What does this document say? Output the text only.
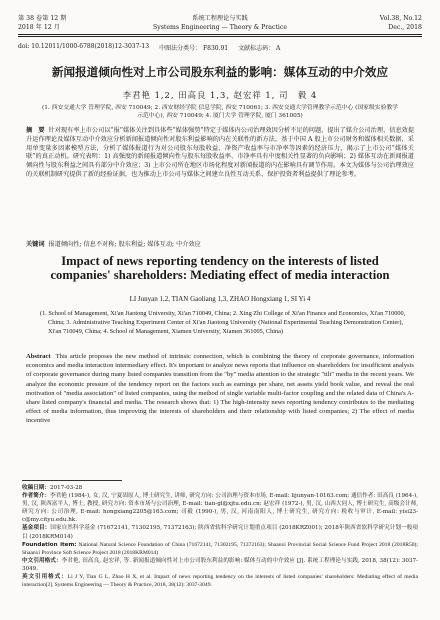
第 38 卷第 12 期	系统工程理论与实践	Vol.38, No.12
2018 年 12 月	Systems Engineering — Theory & Practice	Dec., 2018
doi: 10.12011/1000-6788(2018)12-3037-13 中图法分类号： F830.91 文献标志码： A
新闻报道倾向性对上市公司股东利益的影响：媒体互动的中介效应
李君艳 1,2, 田高良 1,3, 赵宏祥 1, 司　毅 4
(1. 西安交通大学 管理学院, 西安 710049; 2. 西安财经学院 信息学院, 西安 710061; 3. 西安交通大学管理教学示范中心 (国家级实验教学示范中心), 西安 710049; 4. 厦门大学 管理学院, 厦门 361005)
摘　要 针对现有率上市公司以“报”媒体关注到具体些“媒体强势”特定于媒体内公司治理效因分析不足的问题，提出了媒介公司治理、信息效提升运作理论及媒体互动中介效应分析新闻报道倾向性对股东利益影响的内在关联性的新方法。基于中国 A 股上市公司财务和媒体相关数据，采用单变量多因素模型方法，分析了媒体报道行为对公司股东每股收益、净资产收益率与市净率等因素的经济压力，揭示了上市公司“媒体关联”的真正动机。研究表明：1) 高强度的新闻报道倾向性与股东每股收益率、市净率具有中度相关性显著的负向影响；2) 媒体互动在新闻报道倾向性与股东利益之间具有部分中介效应；3) 上市公司所在地区市场化程度对新闻报道的内在影响具有调节作用。本文为媒体与公司治理效应的关联机制研究提供了新的经验证据，也为推动上市公司与媒体之间建立良性互动关系、保护投资者利益提供了理论参考。
关键词 报道倾向性; 信息不对称; 股东利益; 媒体互动; 中介效应
Impact of news reporting tendency on the interests of listed companies' shareholders: Mediating effect of media interaction
LI Junyan 1,2, TIAN Gaoliang 1,3, ZHAO Hongxiang 1, SI Yi 4
(1. School of Management, Xi'an Jiaotong University, Xi'an 710049, China; 2. Xing Zhi College of Xi'an Finance and Economics, Xi'an 710000, China; 3. Administrative Teaching Experiment Center of Xi'an Jiaotong University (National Experimental Teaching Demonstration Center), Xi'an 710049, China; 4. School of Management, Xiamen University, Xiamen 361005, China)
Abstract This article proposes the new method of intrinsic connection, which is combining the theory of corporate governance, information economics and media interaction intermediary effect. It's important to analyze news reports that influence on shareholders for insufficient analysis of corporate governance during many listed companies transition from the "by" media attention to the strategic "tilt" media in the recent years. We analyze the economic pressure of the tendency report on the factors such as earnings per share, net assets yield book value, and reveal the real motivation of "media association" of listed companies, using the method of single variable multi-factor coupling and the related data of China's A-share listed company's financial and media. The research shows that: 1) The high-intensity news reporting tendency contributes to the mediating effect of media information, thus improving the interests of shareholders and their relationship with listed companies; 2) The effect of media incentive
收稿日期：2017-03-28
作者简介：李君艳 (1984-), 女, 汉, 宁夏固原人, 博士研究生, 讲师, 研究方向: 公司治理与资本市场, E-mail: lijunyan-10163.com; 通信作者: 田高良 (1964-), 男, 汉, 陕西富平人, 博士, 教授, 研究方向: 资本市场与公司治理, E-mail: tian-gl@xjtu.edu.cn; 赵宏祥 (1972-), 男, 汉, 山西大同人, 博士研究生, 高级会计师, 研究方向: 公司治理, E-mail: hongxiang2205@163.com; 司毅 (1990-), 男, 汉, 河南南阳人, 博士研究生, 研究方向: 税收与审计, E-mail: yisi23-c@my.cityu.edu.hk.
基金项目：国家自然科学基金 (71672141, 71302195, 71372163); 陕西省软科学研究计划重点项目 (2018KRZ001); 2018年陕西省软科学研究计划一般项目 (2018KRM014)
Foundation item: National Natural Science Foundation of China (71672141, 71302195, 71372163); Shaanxi Provincial Social Science Fund Project 2018 (2018R50); Shaanxi Province Soft Science Project 2018 (2018KRM014)
中文引用格式：李君艳, 田高良, 赵宏祥, 等. 新闻报道倾向性对上市公司股东利益的影响: 媒体互动的中介效应 [J]. 系统工程理论与实践, 2018, 38(12): 3037-3049.
英文引用格式：Li J Y, Tian G L, Zhao H X, et al. Impact of news reporting tendency on the interests of listed companies' shareholders: Mediating effect of media interaction[J]. Systems Engineering — Theory & Practice, 2018, 38(12): 3037-3049.
